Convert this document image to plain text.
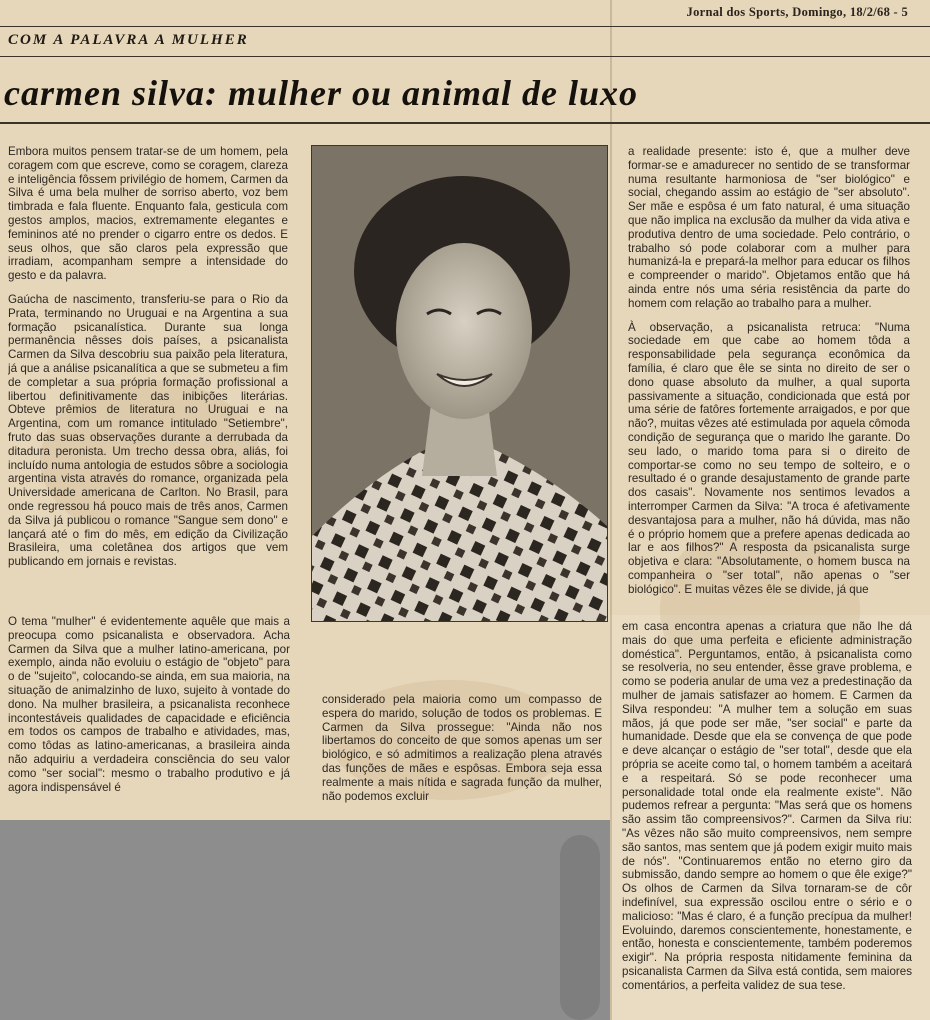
Jornal dos Sports, Domingo, 18/2/68 - 5
COM A PALAVRA A MULHER
carmen silva: mulher ou animal de luxo

Embora muitos pensem tratar-se de um homem, pela coragem com que escreve, como se coragem, clareza e inteligência fôssem privilégio de homem, Carmen da Silva é uma bela mulher de sorriso aberto, voz bem timbrada e fala fluente. Enquanto fala, gesticula com gestos amplos, macios, extremamente elegantes e femininos até no prender o cigarro entre os dedos. E seus olhos, que são claros pela expressão que irradiam, acompanham sempre a intensidade do gesto e da palavra.

Gaúcha de nascimento, transferiu-se para o Rio da Prata, terminando no Uruguai e na Argentina a sua formação psicanalística. Durante sua longa permanência nêsses dois países, a psicanalista Carmen da Silva descobriu sua paixão pela literatura, já que a análise psicanalítica a que se submeteu a fim de completar a sua própria formação profissional a libertou definitivamente das inibições literárias. Obteve prêmios de literatura no Uruguai e na Argentina, com um romance intitulado "Setiembre", fruto das suas observações durante a derrubada da ditadura peronista. Um trecho dessa obra, aliás, foi incluído numa antologia de estudos sôbre a sociologia argentina vista através do romance, organizada pela Universidade americana de Carlton. No Brasil, para onde regressou há pouco mais de três anos, Carmen da Silva já publicou o romance "Sangue sem dono" e lançará até o fim do mês, em edição da Civilização Brasileira, uma coletânea dos artigos que vem publicando em jornais e revistas.

O tema "mulher" é evidentemente aquêle que mais a preocupa como psicanalista e observadora. Acha Carmen da Silva que a mulher latino-americana, por exemplo, ainda não evoluiu o estágio de "objeto" para o de "sujeito", colocando-se ainda, em sua maioria, na situação de animalzinho de luxo, sujeito à vontade do dono. Na mulher brasileira, a psicanalista reconhece incontestáveis qualidades de capacidade e eficiência em todos os campos de trabalho e atividades, mas, como tôdas as latino-americanas, a brasileira ainda não adquiriu a verdadeira consciência do seu valor como "ser social": mesmo o trabalho produtivo e já agora indispensável é

considerado pela maioria como um compasso de espera do marido, solução de todos os problemas. E Carmen da Silva prossegue: "Ainda não nos libertamos do conceito de que somos apenas um ser biológico, e só admitimos a realização plena através das funções de mães e espôsas. Embora seja essa realmente a mais nítida e sagrada função da mulher, não podemos excluir

a realidade presente: isto é, que a mulher deve formar-se e amadurecer no sentido de se transformar numa resultante harmoniosa de "ser biológico" e social, chegando assim ao estágio de "ser absoluto". Ser mãe e espôsa é um fato natural, é uma situação que não implica na exclusão da mulher da vida ativa e produtiva dentro de uma sociedade. Pelo contrário, o trabalho só pode colaborar com a mulher para humanizá-la e prepará-la melhor para educar os filhos e compreender o marido". Objetamos então que há ainda entre nós uma séria resistência da parte do homem com relação ao trabalho para a mulher.

À observação, a psicanalista retruca: "Numa sociedade em que cabe ao homem tôda a responsabilidade pela segurança econômica da família, é claro que êle se sinta no direito de ser o dono quase absoluto da mulher, a qual suporta passivamente a situação, condicionada que está por uma série de fatôres fortemente arraigados, e por que não?, muitas vêzes até estimulada por aquela cômoda condição de segurança que o marido lhe garante. Do seu lado, o marido toma para si o direito de comportar-se como no seu tempo de solteiro, e o resultado é o grande desajustamento de grande parte dos casais". Novamente nos sentimos levados a interromper Carmen da Silva: "A troca é afetivamente desvantajosa para a mulher, não há dúvida, mas não é o próprio homem que a prefere apenas dedicada ao lar e aos filhos?" A resposta da psicanalista surge objetiva e clara: "Absolutamente, o homem busca na companheira o "ser total", não apenas o "ser biológico". E muitas vêzes êle se divide, já que

em casa encontra apenas a criatura que não lhe dá mais do que uma perfeita e eficiente administração doméstica". Perguntamos, então, à psicanalista como se resolveria, no seu entender, êsse grave problema, e como se poderia anular de uma vez a predestinação da mulher de jamais satisfazer ao homem. E Carmen da Silva respondeu: "A mulher tem a solução em suas mãos, já que pode ser mãe, "ser social" e parte da humanidade. Desde que ela se convença de que pode e deve alcançar o estágio de "ser total", desde que ela própria se aceite como tal, o homem também a aceitará e a respeitará. Só se pode reconhecer uma personalidade total onde ela realmente existe". Não pudemos refrear a pergunta: "Mas será que os homens são assim tão compreensivos?". Carmen da Silva riu: "As vêzes não são muito compreensivos, nem sempre são santos, mas sentem que já podem exigir muito mais de nós". "Continuaremos então no eterno giro da submissão, dando sempre ao homem o que êle exige?" Os olhos de Carmen da Silva tornaram-se de côr indefinível, sua expressão oscilou entre o sério e o malicioso: "Mas é claro, é a função precípua da mulher! Evoluindo, daremos conscientemente, honestamente, e então, honesta e conscientemente, também poderemos exigir". Na própria resposta nitidamente feminina da psicanalista Carmen da Silva está contida, sem maiores comentários, a perfeita validez de sua tese.
